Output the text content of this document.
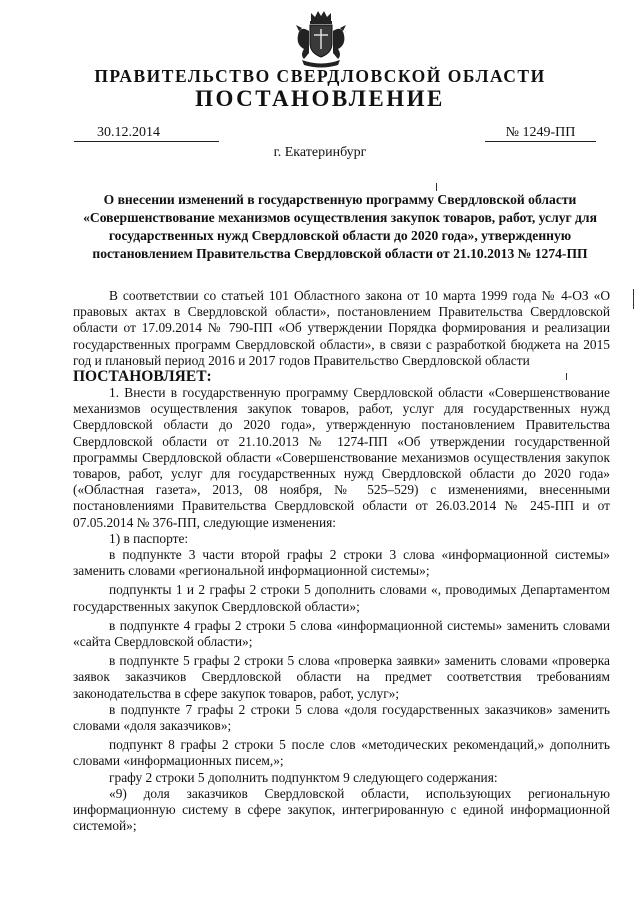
ПРАВИТЕЛЬСТВО СВЕРДЛОВСКОЙ ОБЛАСТИ
ПОСТАНОВЛЕНИЕ
30.12.2014	№ 1249-ПП
г. Екатеринбург

О внесении изменений в государственную программу Свердловской области «Совершенствование механизмов осуществления закупок товаров, работ, услуг для государственных нужд Свердловской области до 2020 года», утвержденную постановлением Правительства Свердловской области от 21.10.2013 № 1274-ПП

В соответствии со статьей 101 Областного закона от 10 марта 1999 года № 4-ОЗ «О правовых актах в Свердловской области», постановлением Правительства Свердловской области от 17.09.2014 № 790-ПП «Об утверждении Порядка формирования и реализации государственных программ Свердловской области», в связи с разработкой бюджета на 2015 год и плановый период 2016 и 2017 годов Правительство Свердловской области

ПОСТАНОВЛЯЕТ:

1. Внести в государственную программу Свердловской области «Совершенствование механизмов осуществления закупок товаров, работ, услуг для государственных нужд Свердловской области до 2020 года», утвержденную постановлением Правительства Свердловской области от 21.10.2013 № 1274-ПП «Об утверждении государственной программы Свердловской области «Совершенствование механизмов осуществления закупок товаров, работ, услуг для государственных нужд Свердловской области до 2020 года» («Областная газета», 2013, 08 ноября, № 525–529) с изменениями, внесенными постановлениями Правительства Свердловской области от 26.03.2014 № 245-ПП и от 07.05.2014 № 376-ПП, следующие изменения:

1) в паспорте:

в подпункте 3 части второй графы 2 строки 3 слова «информационной системы» заменить словами «региональной информационной системы»;

подпункты 1 и 2 графы 2 строки 5 дополнить словами «, проводимых Департаментом государственных закупок Свердловской области»;

в подпункте 4 графы 2 строки 5 слова «информационной системы» заменить словами «сайта Свердловской области»;

в подпункте 5 графы 2 строки 5 слова «проверка заявки» заменить словами «проверка заявок заказчиков Свердловской области на предмет соответствия требованиям законодательства в сфере закупок товаров, работ, услуг»;

в подпункте 7 графы 2 строки 5 слова «доля государственных заказчиков» заменить словами «доля заказчиков»;

подпункт 8 графы 2 строки 5 после слов «методических рекомендаций,» дополнить словами «информационных писем,»;

графу 2 строки 5 дополнить подпунктом 9 следующего содержания:

«9) доля заказчиков Свердловской области, использующих региональную информационную систему в сфере закупок, интегрированную с единой информационной системой»;
